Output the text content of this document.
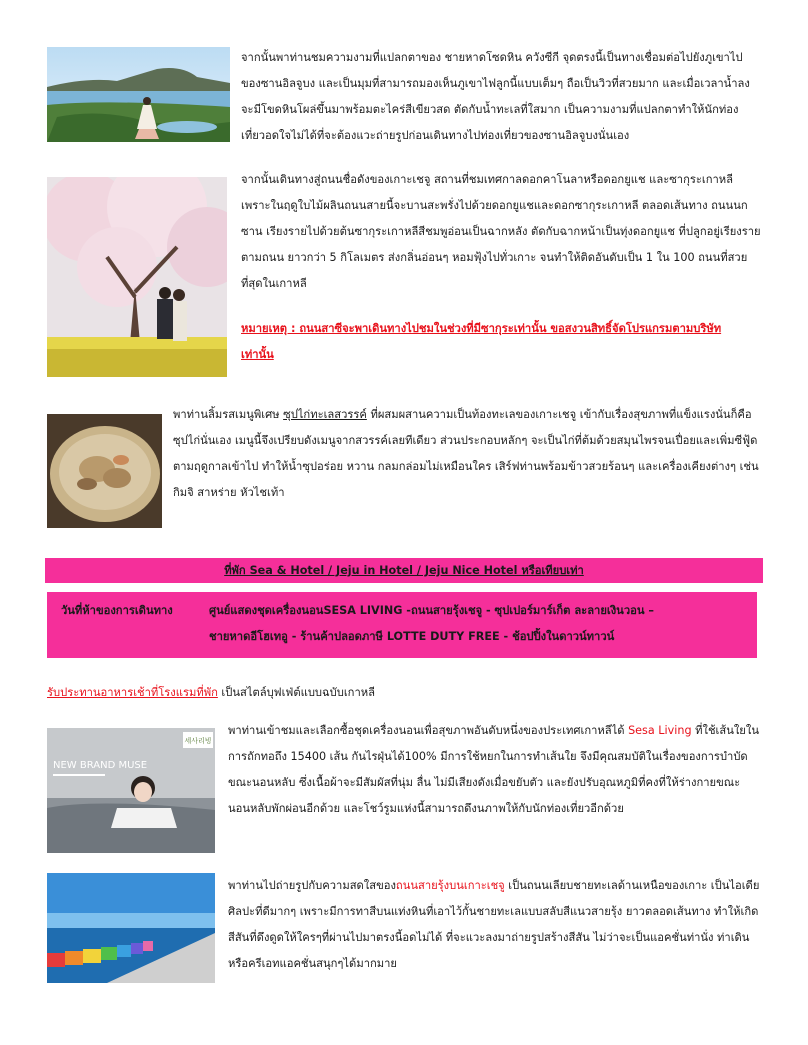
จากนั้นพาท่านชมความงามที่แปลกตาของ ชายหาดโซดหิน ควังซีกี จุดตรงนี้เป็นทางเชื่อมต่อไปยังภูเขาไปของซานอิลจูบง และเป็นมุมที่สามารถมองเห็นภูเขาไฟลูกนี้แบบเต็มๆ ถือเป็นวิวที่สวยมาก และเมื่อเวลาน้ำลงจะมีโขดหินโผล่ขึ้นมาพร้อมตะไคร่สีเขียวสด ตัดกับน้ำทะเลที่ใสมาก เป็นความงามที่แปลกตาทำให้นักท่องเที่ยวอดใจไม่ได้ที่จะต้องแวะถ่ายรูปก่อนเดินทางไปท่องเที่ยวของซานอิลจูบงนั่นเอง
จากนั้นเดินทางสู่ถนนชื่อดังของเกาะเชจู สถานที่ชมเทศกาลดอกคาโนลาหรือดอกยูแช และซากุระเกาหลี เพราะในฤดูใบไม้ผลินถนนสายนี้จะบานสะพรั่งไปด้วยดอกยูแชและดอกซากุระเกาหลี ตลอดเส้นทาง ถนนนกซาน เรียงรายไปด้วยต้นซากุระเกาหลีสีชมพูอ่อนเป็นฉากหลัง ตัดกับฉากหน้าเป็นทุ่งดอกยูแช ที่ปลูกอยู่เรียงรายตามถนน ยาวกว่า 5 กิโลเมตร ส่งกลิ่นอ่อนๆ หอมฟุ้งไปทั่วเกาะ จนทำให้ติดอันดับเป็น 1 ใน 100 ถนนที่สวยที่สุดในเกาหลี
หมายเหตุ : ถนนสาซีจะพาเดินทางไปชมในช่วงที่มีซากุระเท่านั้น ขอสงวนสิทธิ์จัดโปรแกรมตามบริษัทเท่านั้น
พาท่านลิ้มรสเมนูพิเศษ ซุปไก่ทะเลสวรรค์ ที่ผสมผสานความเป็นท้องทะเลของเกาะเชจู เข้ากับเรื่องสุขภาพที่แข็งแรงนั่นก็คือซุปไก่นั่นเอง เมนูนี้จึงเปรียบดังเมนูจากสวรรค์เลยทีเดียว ส่วนประกอบหลักๆ จะเป็นไก่ที่ต้มด้วยสมุนไพรจนเปื่อยและเพิ่มซีฟู้ดตามฤดูกาลเข้าไป ทำให้น้ำซุปอร่อย หวาน กลมกล่อมไม่เหมือนใคร เสิร์ฟท่านพร้อมข้าวสวยร้อนๆ และเครื่องเคียงต่างๆ เช่นกิมจิ สาหร่าย หัวไชเท้า
ที่พัก Sea & Hotel / Jeju in Hotel / Jeju Nice Hotel หรือเทียบเท่า
วันที่ห้าของการเดินทาง	ศูนย์แสดงชุดเครื่องนอนSESA LIVING -ถนนสายรุ้งเชจู - ซุปเปอร์มาร์เก็ต ละลายเงินวอน –
ชายหาดอีโฮเทอู - ร้านค้าปลอดภาษี LOTTE DUTY FREE - ช้อปปิ้งในดาวน์ทาวน์
รับประทานอาหารเช้าที่โรงแรมที่พัก เป็นสไตล์บุฟเฟ่ต์แบบฉบับเกาหลี
세사리빙
NEW BRAND MUSE
พาท่านเข้าชมและเลือกซื้อชุดเครื่องนอนเพื่อสุขภาพอันดับหนึ่งของประเทศเกาหลีได้ Sesa Living ที่ใช้เส้นใยในการถักทอถึง 15400 เส้น กันไรฝุ่นได้100% มีการใช้หยกในการทำเส้นใย จึงมีคุณสมบัติในเรื่องของการบำบัดขณะนอนหลับ ซึ่งเนื้อผ้าจะมีสัมผัสที่นุ่ม ลื่น ไม่มีเสียงดังเมื่อขยับตัว และยังปรับอุณหภูมิที่คงที่ให้ร่างกายขณะนอนหลับพักผ่อนอีกด้วย และโชว์รูมแห่งนี้สามารถดึงนภาพให้กับนักท่องเที่ยวอีกด้วย
พาท่านไปถ่ายรูปกับความสดใสของถนนสายรุ้งบนเกาะเชจู เป็นถนนเลียบชายทะเลด้านเหนือของเกาะ เป็นไอเดียศิลปะที่ดีมากๆ เพราะมีการทาสีบนแท่งหินที่เอาไว้กั้นชายทะเลแบบสลับสีแนวสายรุ้ง ยาวตลอดเส้นทาง ทำให้เกิดสีสันที่ดึงดูดให้ใครๆที่ผ่านไปมาตรงนี้อดไม่ได้ ที่จะแวะลงมาถ่ายรูปสร้างสีสัน ไม่ว่าจะเป็นแอคชั่นท่านั่ง ท่าเดิน หรือครีเอทแอคชั่นสนุกๆได้มากมาย
